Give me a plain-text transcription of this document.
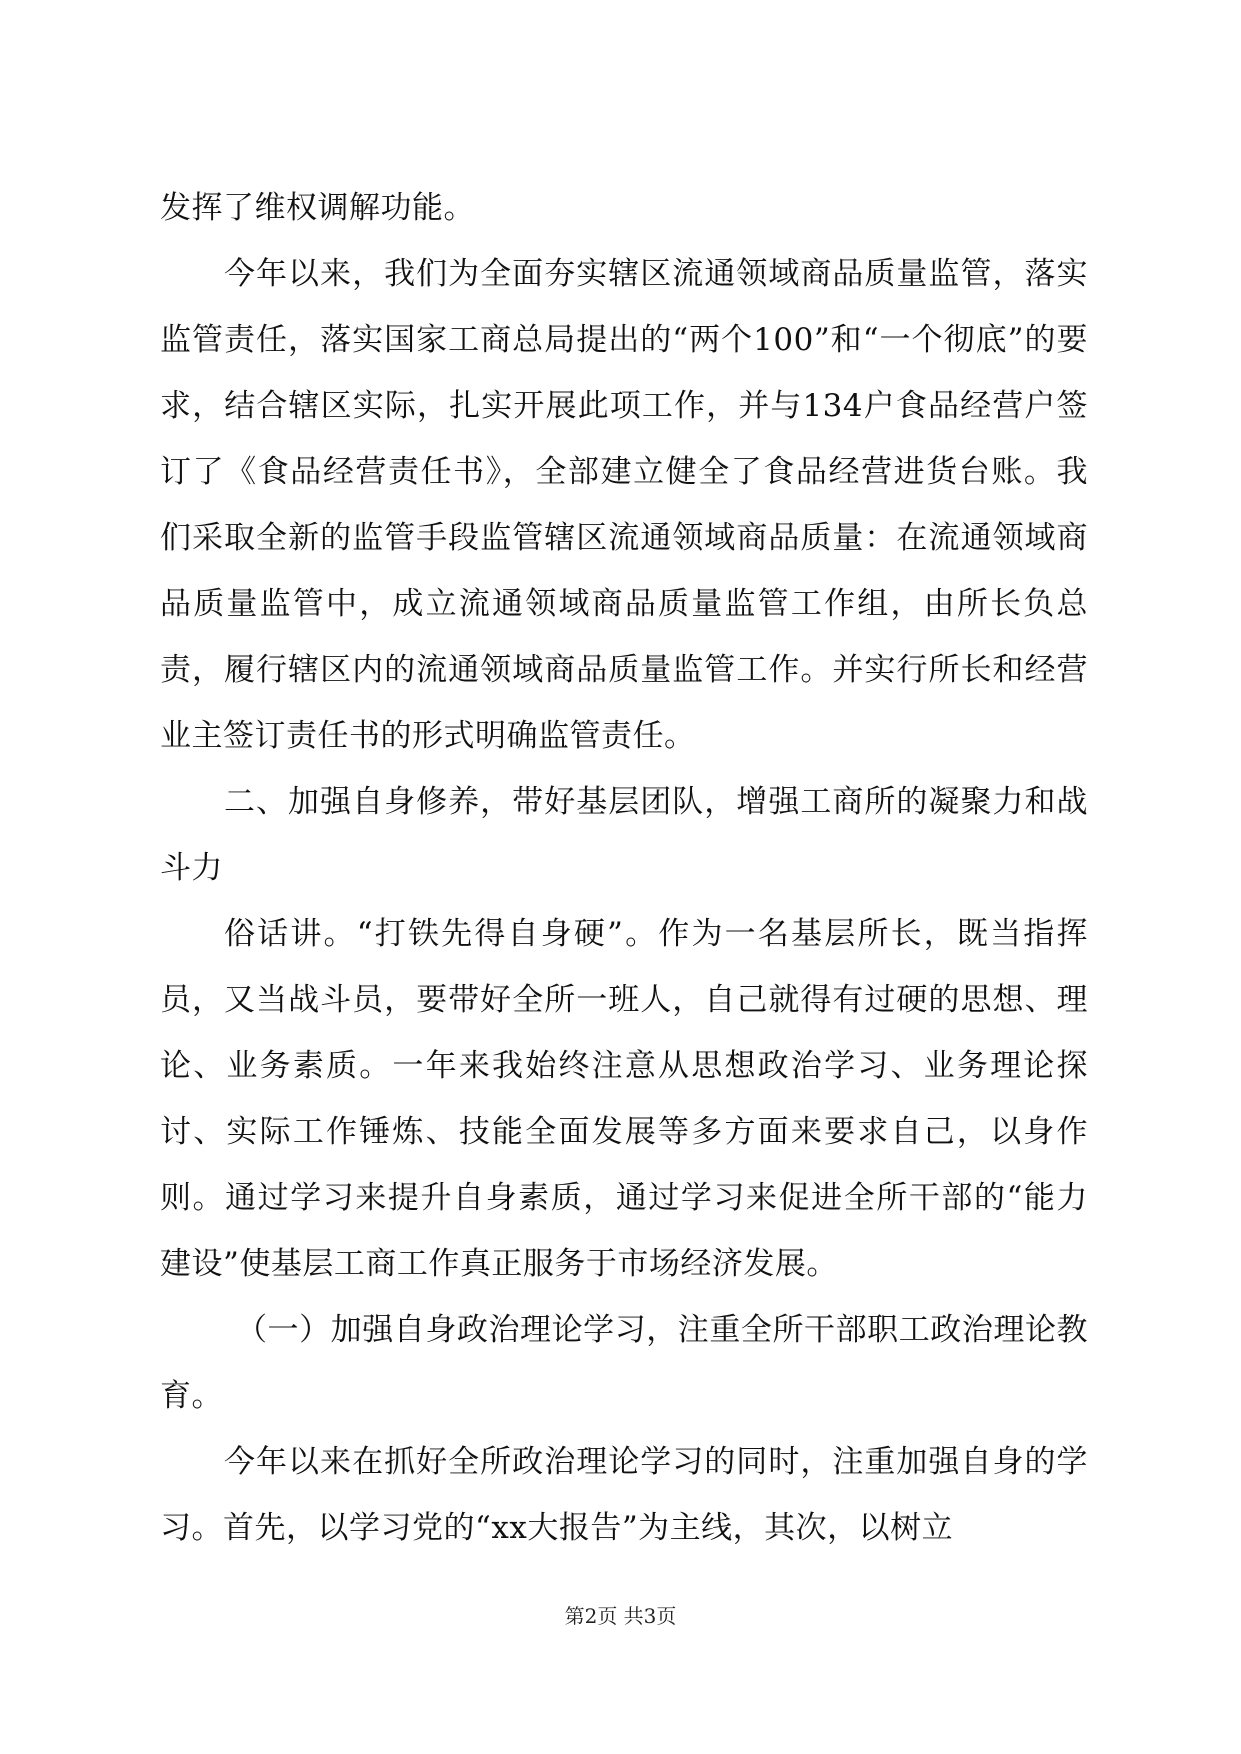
发挥了维权调解功能。

今年以来，我们为全面夯实辖区流通领域商品质量监管，落实监管责任，落实国家工商总局提出的“两个100”和“一个彻底”的要求，结合辖区实际，扎实开展此项工作，并与134户食品经营户签订了《食品经营责任书》，全部建立健全了食品经营进货台账。我们采取全新的监管手段监管辖区流通领域商品质量：在流通领域商品质量监管中，成立流通领域商品质量监管工作组，由所长负总责，履行辖区内的流通领域商品质量监管工作。并实行所长和经营业主签订责任书的形式明确监管责任。

二、加强自身修养，带好基层团队，增强工商所的凝聚力和战斗力

俗话讲。“打铁先得自身硬”。作为一名基层所长，既当指挥员，又当战斗员，要带好全所一班人，自己就得有过硬的思想、理论、业务素质。一年来我始终注意从思想政治学习、业务理论探讨、实际工作锤炼、技能全面发展等多方面来要求自己，以身作则。通过学习来提升自身素质，通过学习来促进全所干部的“能力建设”使基层工商工作真正服务于市场经济发展。

（一）加强自身政治理论学习，注重全所干部职工政治理论教育。

今年以来在抓好全所政治理论学习的同时，注重加强自身的学习。首先，以学习党的“xx大报告”为主线，其次，以树立

第2页 共3页
